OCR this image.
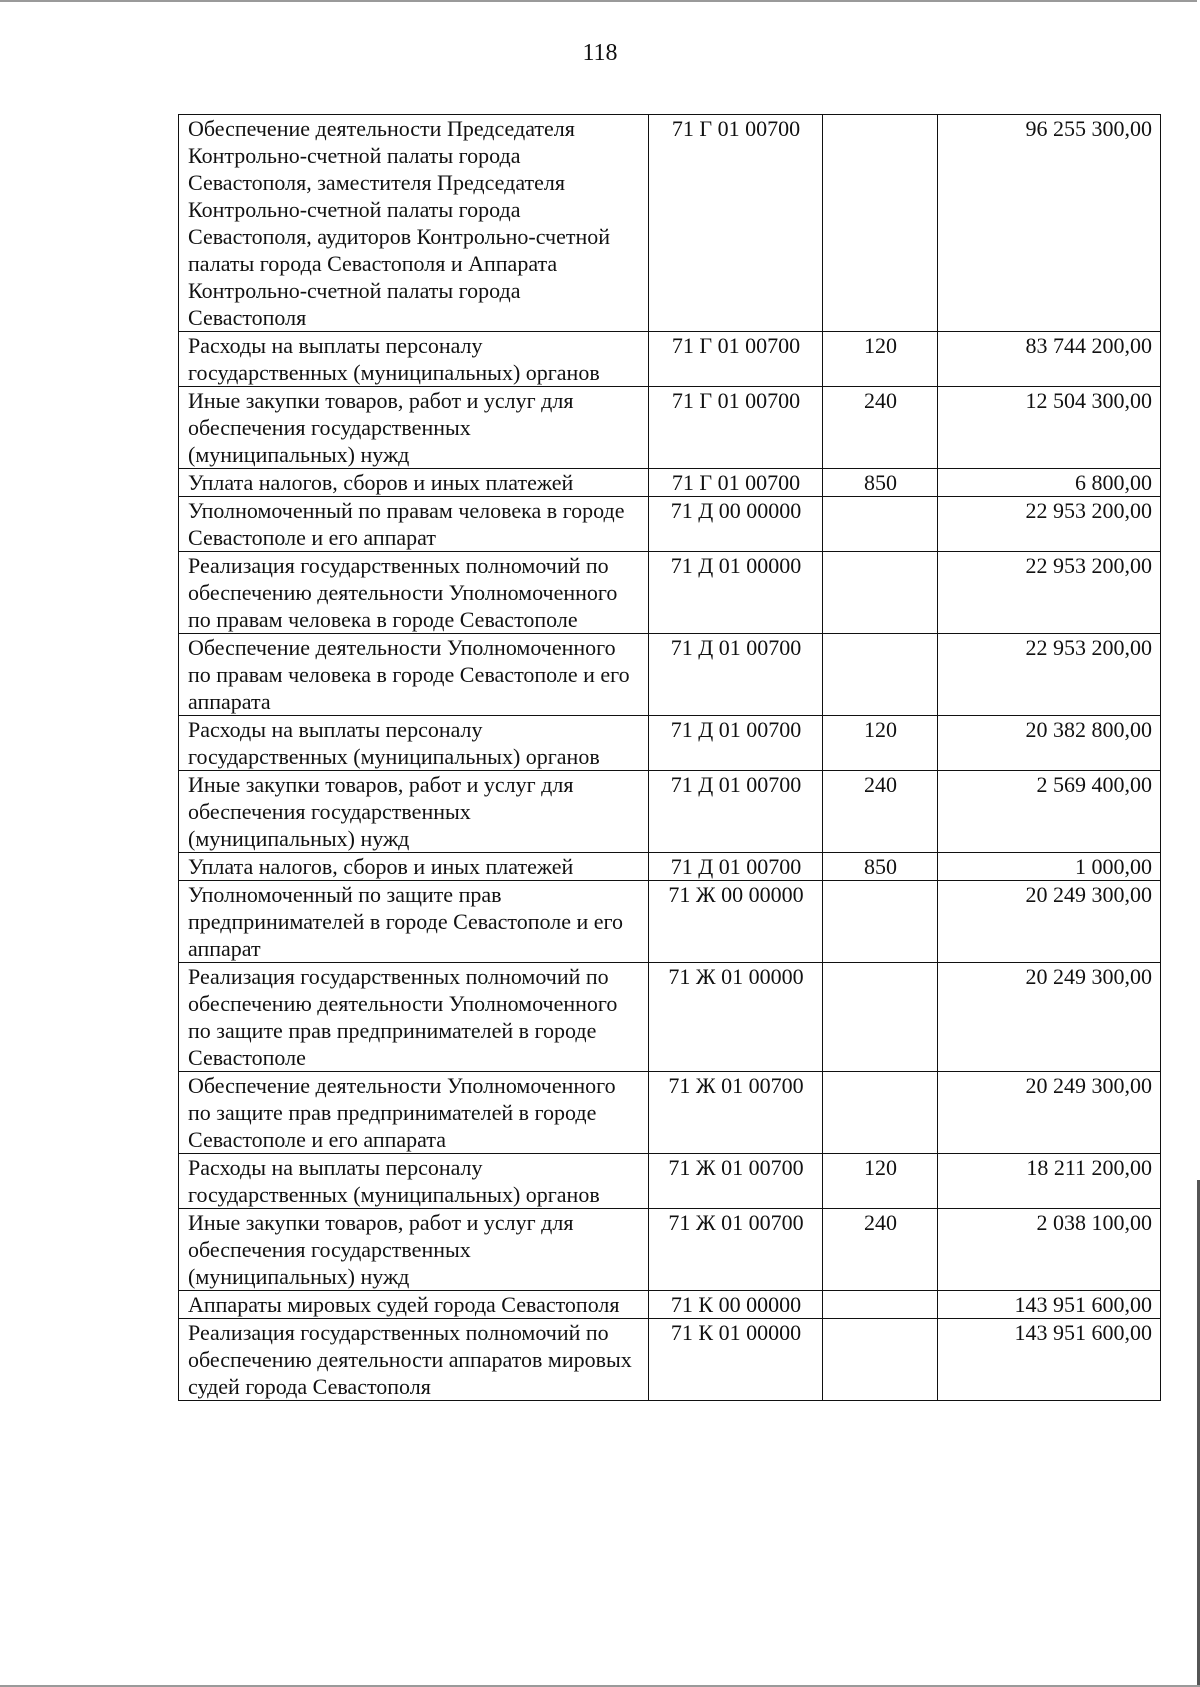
118
Обеспечение деятельности Председателя Контрольно-счетной палаты города Севастополя, заместителя Председателя Контрольно-счетной палаты города Севастополя, аудиторов Контрольно-счетной палаты города Севастополя и Аппарата Контрольно-счетной палаты города Севастополя	71 Г 01 00700		96 255 300,00
Расходы на выплаты персоналу государственных (муниципальных) органов	71 Г 01 00700	120	83 744 200,00
Иные закупки товаров, работ и услуг для обеспечения государственных (муниципальных) нужд	71 Г 01 00700	240	12 504 300,00
Уплата налогов, сборов и иных платежей	71 Г 01 00700	850	6 800,00
Уполномоченный по правам человека в городе Севастополе и его аппарат	71 Д 00 00000		22 953 200,00
Реализация государственных полномочий по обеспечению деятельности Уполномоченного по правам человека в городе Севастополе	71 Д 01 00000		22 953 200,00
Обеспечение деятельности Уполномоченного по правам человека в городе Севастополе и его аппарата	71 Д 01 00700		22 953 200,00
Расходы на выплаты персоналу государственных (муниципальных) органов	71 Д 01 00700	120	20 382 800,00
Иные закупки товаров, работ и услуг для обеспечения государственных (муниципальных) нужд	71 Д 01 00700	240	2 569 400,00
Уплата налогов, сборов и иных платежей	71 Д 01 00700	850	1 000,00
Уполномоченный по защите прав предпринимателей в городе Севастополе и его аппарат	71 Ж 00 00000		20 249 300,00
Реализация государственных полномочий по обеспечению деятельности Уполномоченного по защите прав предпринимателей в городе Севастополе	71 Ж 01 00000		20 249 300,00
Обеспечение деятельности Уполномоченного по защите прав предпринимателей в городе Севастополе и его аппарата	71 Ж 01 00700		20 249 300,00
Расходы на выплаты персоналу государственных (муниципальных) органов	71 Ж 01 00700	120	18 211 200,00
Иные закупки товаров, работ и услуг для обеспечения государственных (муниципальных) нужд	71 Ж 01 00700	240	2 038 100,00
Аппараты мировых судей города Севастополя	71 К 00 00000		143 951 600,00
Реализация государственных полномочий по обеспечению деятельности аппаратов мировых судей города Севастополя	71 К 01 00000		143 951 600,00
